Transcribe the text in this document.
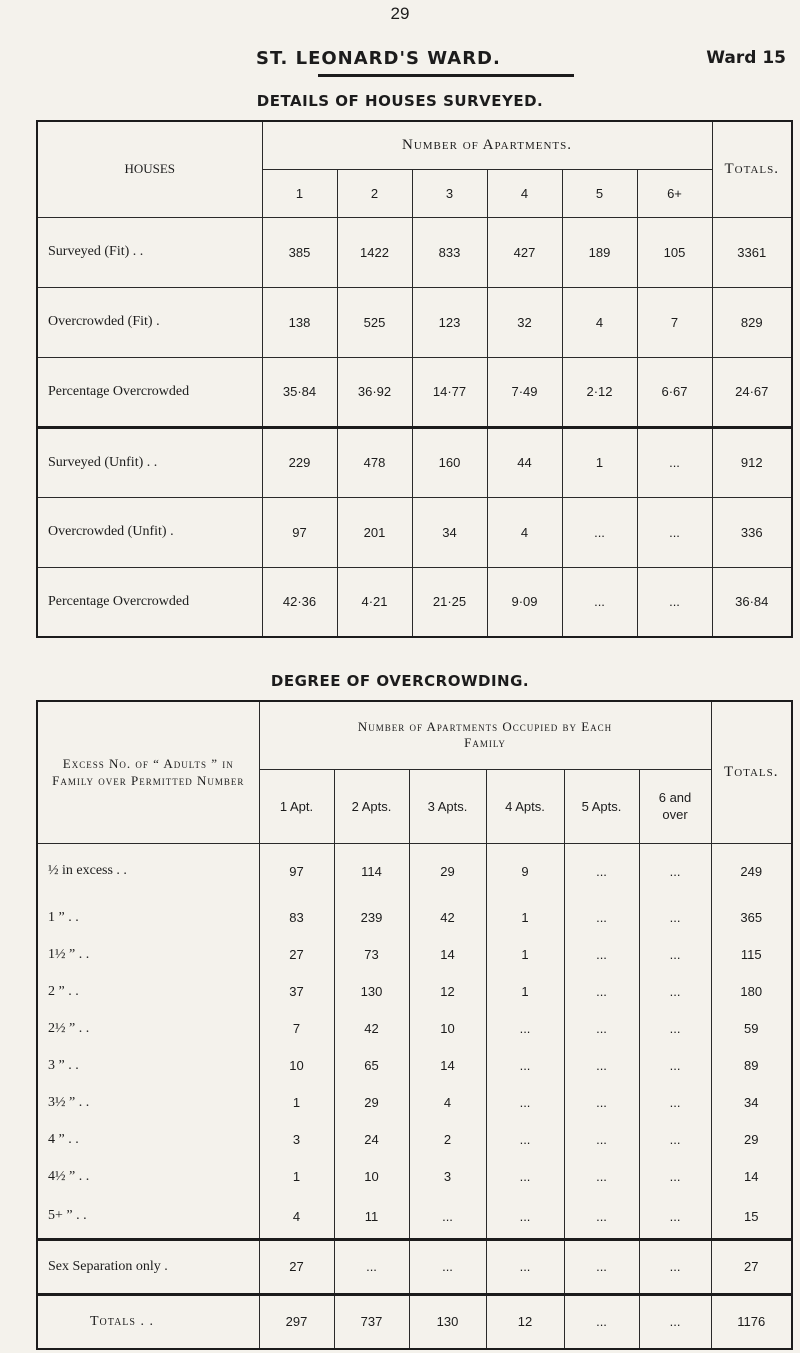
29
ST. LEONARD'S WARD.	Ward 15
DETAILS OF HOUSES SURVEYED.
HOUSES	Number of Apartments.						Totals.
	1	2	3	4	5	6+	
Surveyed (Fit) . .	385	1422	833	427	189	105	3361
Overcrowded (Fit) .	138	525	123	32	4	7	829
Percentage Overcrowded	35·84	36·92	14·77	7·49	2·12	6·67	24·67
Surveyed (Unfit) . .	229	478	160	44	1	...	912
Overcrowded (Unfit) .	97	201	34	4	...	...	336
Percentage Overcrowded	42·36	4·21	21·25	9·09	...	...	36·84
DEGREE OF OVERCROWDING.
Excess No. of “ Adults ” in Family over Permitted Number	Number of Apartments Occupied by Each Family						Totals.
	1 Apt.	2 Apts.	3 Apts.	4 Apts.	5 Apts.	6 and over	
½ in excess . .	97	114	29	9	...	...	249
1 ” . .	83	239	42	1	...	...	365
1½ ” . .	27	73	14	1	...	...	115
2 ” . .	37	130	12	1	...	...	180
2½ ” . .	7	42	10	...	...	...	59
3 ” . .	10	65	14	...	...	...	89
3½ ” . .	1	29	4	...	...	...	34
4 ” . .	3	24	2	...	...	...	29
4½ ” . .	1	10	3	...	...	...	14
5+ ” . .	4	11	...	...	...	...	15
Sex Separation only .	27	...	...	...	...	...	27
Totals . .	297	737	130	12	...	...	1176
